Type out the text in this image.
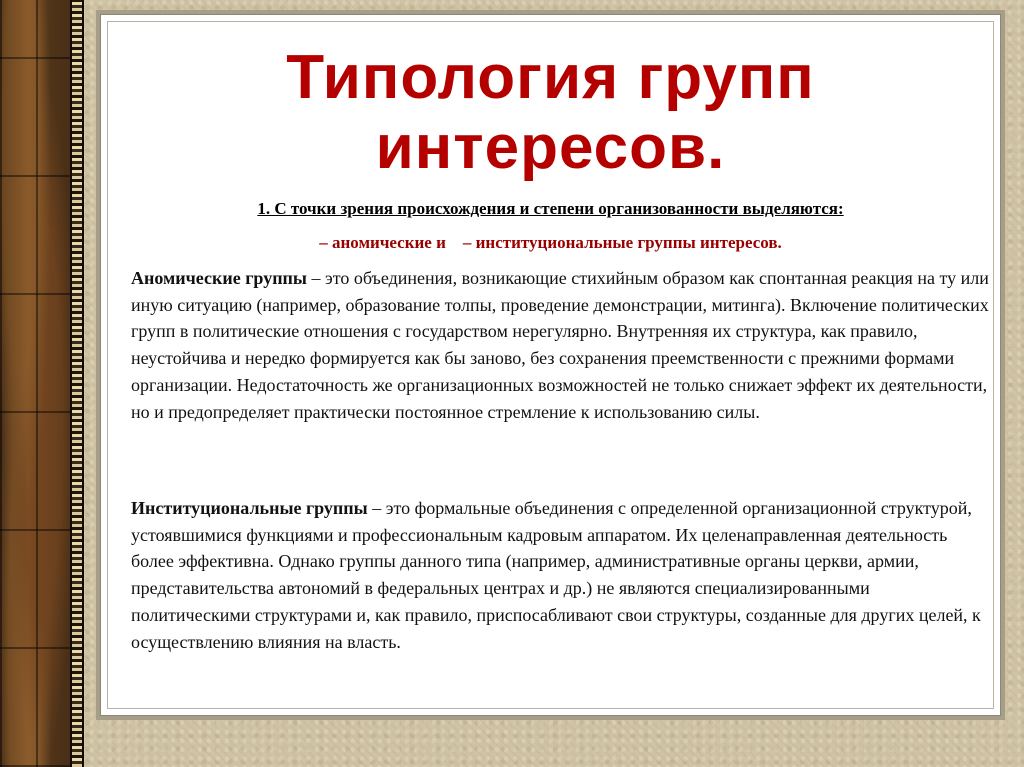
Типология групп
интересов.
1. С точки зрения происхождения и степени организованности выделяются:
– аномические и    – институциональные группы интересов.
Аномические группы – это объединения, возникающие стихийным образом как спонтанная реакция на ту или иную ситуацию (например, образование толпы, проведение демонстрации, митинга). Включение политических групп в политические отношения с государством нерегулярно. Внутренняя их структура, как правило, неустойчива и нередко формируется как бы заново, без сохранения преемственности с прежними формами организации. Недостаточность же организационных возможностей не только снижает эффект их деятельности, но и предопределяет практически постоянное стремление к использованию силы.
Институциональные группы – это формальные объединения с определенной организационной структурой, устоявшимися функциями и профессиональным кадровым аппаратом. Их целенаправленная деятельность более эффективна. Однако группы данного типа (например, административные органы церкви, армии, представительства автономий в федеральных центрах и др.) не являются специализированными политическими структурами и, как правило, приспосабливают свои структуры, созданные для других целей, к осуществлению влияния на власть.
